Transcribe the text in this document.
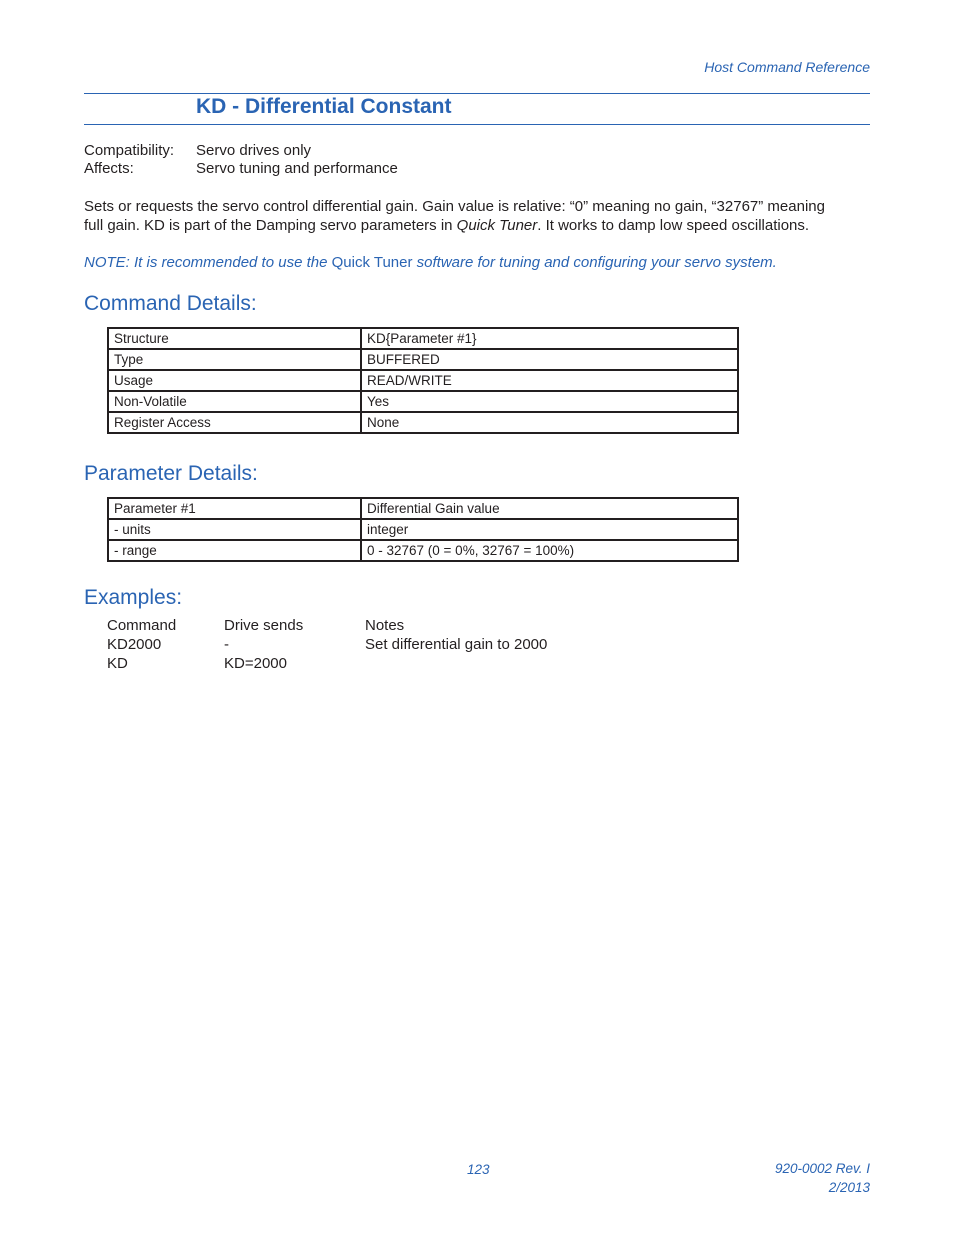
Host Command Reference
KD - Differential Constant
Compatibility: Servo drives only
Affects:	Servo tuning and performance
Sets or requests the servo control differential gain. Gain value is relative: “0” meaning no gain, “32767” meaning
full gain. KD is part of the Damping servo parameters in Quick Tuner. It works to damp low speed oscillations.
NOTE: It is recommended to use the Quick Tuner software for tuning and configuring your servo system.
Command Details:
Structure	KD{Parameter #1}
Type	BUFFERED
Usage	READ/WRITE
Non-Volatile	Yes
Register Access	None
Parameter Details:
Parameter #1	Differential Gain value
- units	integer
- range	0 - 32767 (0 = 0%, 32767 = 100%)
Examples:
Command	Drive sends	Notes
KD2000	-	Set differential gain to 2000
KD	KD=2000
123	920-0002 Rev. I
2/2013
